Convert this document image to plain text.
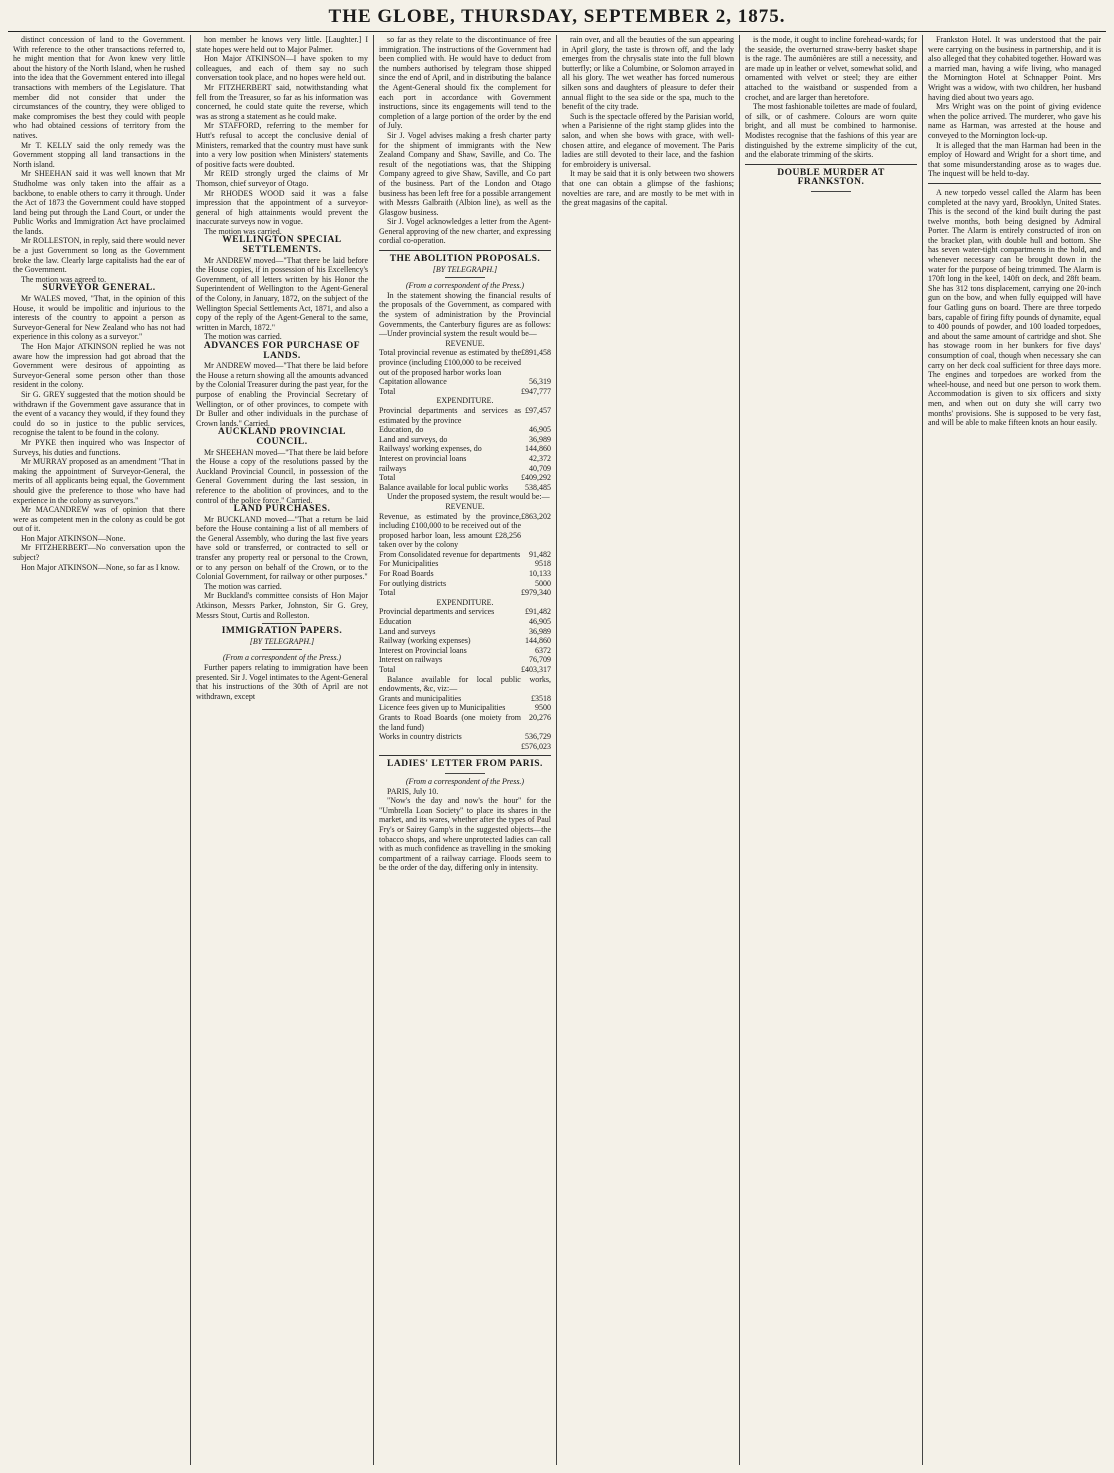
THE GLOBE, THURSDAY, SEPTEMBER 2, 1875.

distinct concession of land to the Government. With reference to the other transactions referred to, he might mention that for Avon knew very little about the history of the North Island, when he rushed into the idea that the Government entered into illegal transactions with members of the Legislature. That member did not consider that under the circumstances of the country, they were obliged to make compromises the best they could with people who had obtained cessions of territory from the natives.

Mr T. KELLY said the only remedy was the Government stopping all land transactions in the North island.

Mr SHEEHAN said it was well known that Mr Studholme was only taken into the affair as a backbone, to enable others to carry it through. Under the Act of 1873 the Government could have stopped land being put through the Land Court, or under the Public Works and Immigration Act have proclaimed the lands.

Mr ROLLESTON, in reply, said there would never be a just Government so long as the Government broke the law. Clearly large capitalists had the ear of the Government.

The motion was agreed to.

SURVEYOR GENERAL.

Mr WALES moved, "That, in the opinion of this House, it would be impolitic and injurious to the interests of the country to appoint a person as Surveyor-General for New Zealand who has not had experience in this colony as a surveyor."

The Hon Major ATKINSON replied he was not aware how the impression had got abroad that the Government were desirous of appointing as Surveyor-General some person other than those resident in the colony.

Sir G. GREY suggested that the motion should be withdrawn if the Government gave assurance that in the event of a vacancy they would, if they found they could do so in justice to the public services, recognise the talent to be found in the colony.

Mr PYKE then inquired who was Inspector of Surveys, his duties and functions.

Mr MURRAY proposed as an amendment "That in making the appointment of Surveyor-General, the merits of all applicants being equal, the Government should give the preference to those who have had experience in the colony as surveyors."

Mr MACANDREW was of opinion that there were as competent men in the colony as could be got out of it.

Hon Major ATKINSON—None.

Mr FITZHERBERT—No conversation upon the subject?

Hon Major ATKINSON—None, so far as I know.

hon member he knows very little. [Laughter.] I state hopes were held out to Major Palmer.

Hon Major ATKINSON—I have spoken to my colleagues, and each of them say no such conversation took place, and no hopes were held out.

Mr FITZHERBERT said, notwithstanding what fell from the Treasurer, so far as his information was concerned, he could state quite the reverse, which was as strong a statement as he could make.

Mr STAFFORD, referring to the member for Hutt's refusal to accept the conclusive denial of Ministers, remarked that the country must have sunk into a very low position when Ministers' statements of positive facts were doubted.

Mr REID strongly urged the claims of Mr Thomson, chief surveyor of Otago.

Mr RHODES WOOD said it was a false impression that the appointment of a surveyor-general of high attainments would prevent the inaccurate surveys now in vogue.

The motion was carried.

WELLINGTON SPECIAL SETTLEMENTS.

Mr ANDREW moved—"That there be laid before the House copies, if in possession of his Excellency's Government, of all letters written by his Honor the Superintendent of Wellington to the Agent-General of the Colony, in January, 1872, on the subject of the Wellington Special Settlements Act, 1871, and also a copy of the reply of the Agent-General to the same, written in March, 1872."

The motion was carried.

ADVANCES FOR PURCHASE OF LANDS.

Mr ANDREW moved—"That there be laid before the House a return showing all the amounts advanced by the Colonial Treasurer during the past year, for the purpose of enabling the Provincial Secretary of Wellington, or of other provinces, to compete with Dr Buller and other individuals in the purchase of Crown lands." Carried.

AUCKLAND PROVINCIAL COUNCIL.

Mr SHEEHAN moved—"That there be laid before the House a copy of the resolutions passed by the Auckland Provincial Council, in possession of the General Government during the last session, in reference to the abolition of provinces, and to the control of the police force." Carried.

LAND PURCHASES.

Mr BUCKLAND moved—"That a return be laid before the House containing a list of all members of the General Assembly, who during the last five years have sold or transferred, or contracted to sell or transfer any property real or personal to the Crown, or to any person on behalf of the Crown, or to the Colonial Government, for railway or other purposes."

The motion was carried.

Mr Buckland's committee consists of Hon Major Atkinson, Messrs Parker, Johnston, Sir G. Grey, Messrs Stout, Curtis and Rolleston.

IMMIGRATION PAPERS.

[BY TELEGRAPH.]

(From a correspondent of the Press.)

Further papers relating to immigration have been presented. Sir J. Vogel intimates to the Agent-General that his instructions of the 30th of April are not withdrawn, except

so far as they relate to the discontinuance of free immigration. The instructions of the Government had been complied with. He would have to deduct from the numbers authorised by telegram those shipped since the end of April, and in distributing the balance the Agent-General should fix the complement for each port in accordance with Government instructions, since its engagements will tend to the completion of a large portion of the order by the end of July.

Sir J. Vogel advises making a fresh charter party for the shipment of immigrants with the New Zealand Company and Shaw, Saville, and Co. The result of the negotiations was, that the Shipping Company agreed to give Shaw, Saville, and Co part of the business. Part of the London and Otago business has been left free for a possible arrangement with Messrs Galbraith (Albion line), as well as the Glasgow business.

Sir J. Vogel acknowledges a letter from the Agent-General approving of the new charter, and expressing cordial co-operation.

THE ABOLITION PROPOSALS.

[BY TELEGRAPH.]

(From a correspondent of the Press.)

In the statement showing the financial results of the proposals of the Government, as compared with the system of administration by the Provincial Governments, the Canterbury figures are as follows:—Under provincial system the result would be—

REVENUE.

Total provincial revenue as estimated by the province (including £100,000 to be received out of the proposed harbor works loan	£891,458
Capitation allowance	56,319
Total	£947,777

EXPENDITURE.

Provincial departments and services as estimated by the province	£97,457
Education, do	46,905
Land and surveys, do	36,989
Railways' working expenses, do	144,860
Interest on provincial loans	42,372
railways	40,709
Total	£409,292
Balance available for local public works	538,485

Under the proposed system, the result would be:—

REVENUE.

Revenue, as estimated by the province, including £100,000 to be received out of the proposed harbor loan, less amount £28,256 taken over by the colony	£863,202
From Consolidated revenue for departments	91,482
For Municipalities	9518
For Road Boards	10,133
For outlying districts	5000
Total	£979,340

EXPENDITURE.

Provincial departments and services	£91,482
Education	46,905
Land and surveys	36,989
Railway (working expenses)	144,860
Interest on Provincial loans	6372
Interest on railways	76,709
Total	£403,317

Balance available for local public works, endowments, &c, viz:—

Grants and municipalities	£3518
Licence fees given up to Municipalities	9500
Grants to Road Boards (one moiety from the land fund)	20,276
Works in country districts	536,729
	£576,023

LADIES' LETTER FROM PARIS.

(From a correspondent of the Press.)

PARIS, July 10.

"Now's the day and now's the hour" for the "Umbrella Loan Society" to place its shares in the market, and its wares, whether after the types of Paul Fry's or Sairey Gamp's in the suggested objects—the tobacco shops, and where unprotected ladies can call with as much confidence as travelling in the smoking compartment of a railway carriage. Floods seem to be the order of the day, differing only in intensity.

rain over, and all the beauties of the sun appearing in April glory, the taste is thrown off, and the lady emerges from the chrysalis state into the full blown butterfly; or like a Columbine, or Solomon arrayed in all his glory. The wet weather has forced numerous silken sons and daughters of pleasure to defer their annual flight to the sea side or the spa, much to the benefit of the city trade.

Such is the spectacle offered by the Parisian world, when a Parisienne of the right stamp glides into the salon, and when she bows with grace, with well-chosen attire, and elegance of movement. The Paris ladies are still devoted to their lace, and the fashion for embroidery is universal.

It may be said that it is only between two showers that one can obtain a glimpse of the fashions; novelties are rare, and are mostly to be met with in the great magasins of the capital.

is the mode, it ought to incline forehead-wards; for the seaside, the overturned straw-berry basket shape is the rage. The aumônières are still a necessity, and are made up in leather or velvet, somewhat solid, and ornamented with velvet or steel; they are either attached to the waistband or suspended from a crochet, and are larger than heretofore.

The most fashionable toilettes are made of foulard, of silk, or of cashmere. Colours are worn quite bright, and all must be combined to harmonise. Modistes recognise that the fashions of this year are distinguished by the extreme simplicity of the cut, and the elaborate trimming of the skirts.

DOUBLE MURDER AT FRANKSTON.

Frankston Hotel. It was understood that the pair were carrying on the business in partnership, and it is also alleged that they cohabited together. Howard was a married man, having a wife living, who managed the Mornington Hotel at Schnapper Point. Mrs Wright was a widow, with two children, her husband having died about two years ago.

Mrs Wright was on the point of giving evidence when the police arrived. The murderer, who gave his name as Harman, was arrested at the house and conveyed to the Mornington lock-up.

It is alleged that the man Harman had been in the employ of Howard and Wright for a short time, and that some misunderstanding arose as to wages due. The inquest will be held to-day.

A new torpedo vessel called the Alarm has been completed at the navy yard, Brooklyn, United States. This is the second of the kind built during the past twelve months, both being designed by Admiral Porter. The Alarm is entirely constructed of iron on the bracket plan, with double hull and bottom. She has seven water-tight compartments in the hold, and whenever necessary can be brought down in the water for the purpose of being trimmed. The Alarm is 170ft long in the keel, 140ft on deck, and 28ft beam. She has 312 tons displacement, carrying one 20-inch gun on the bow, and when fully equipped will have four Gatling guns on board. There are three torpedo bars, capable of firing fifty pounds of dynamite, equal to 400 pounds of powder, and 100 loaded torpedoes, and about the same amount of cartridge and shot. She has stowage room in her bunkers for five days' consumption of coal, though when necessary she can carry on her deck coal sufficient for three days more. The engines and torpedoes are worked from the wheel-house, and need but one person to work them. Accommodation is given to six officers and sixty men, and when out on duty she will carry two months' provisions. She is supposed to be very fast, and will be able to make fifteen knots an hour easily.
